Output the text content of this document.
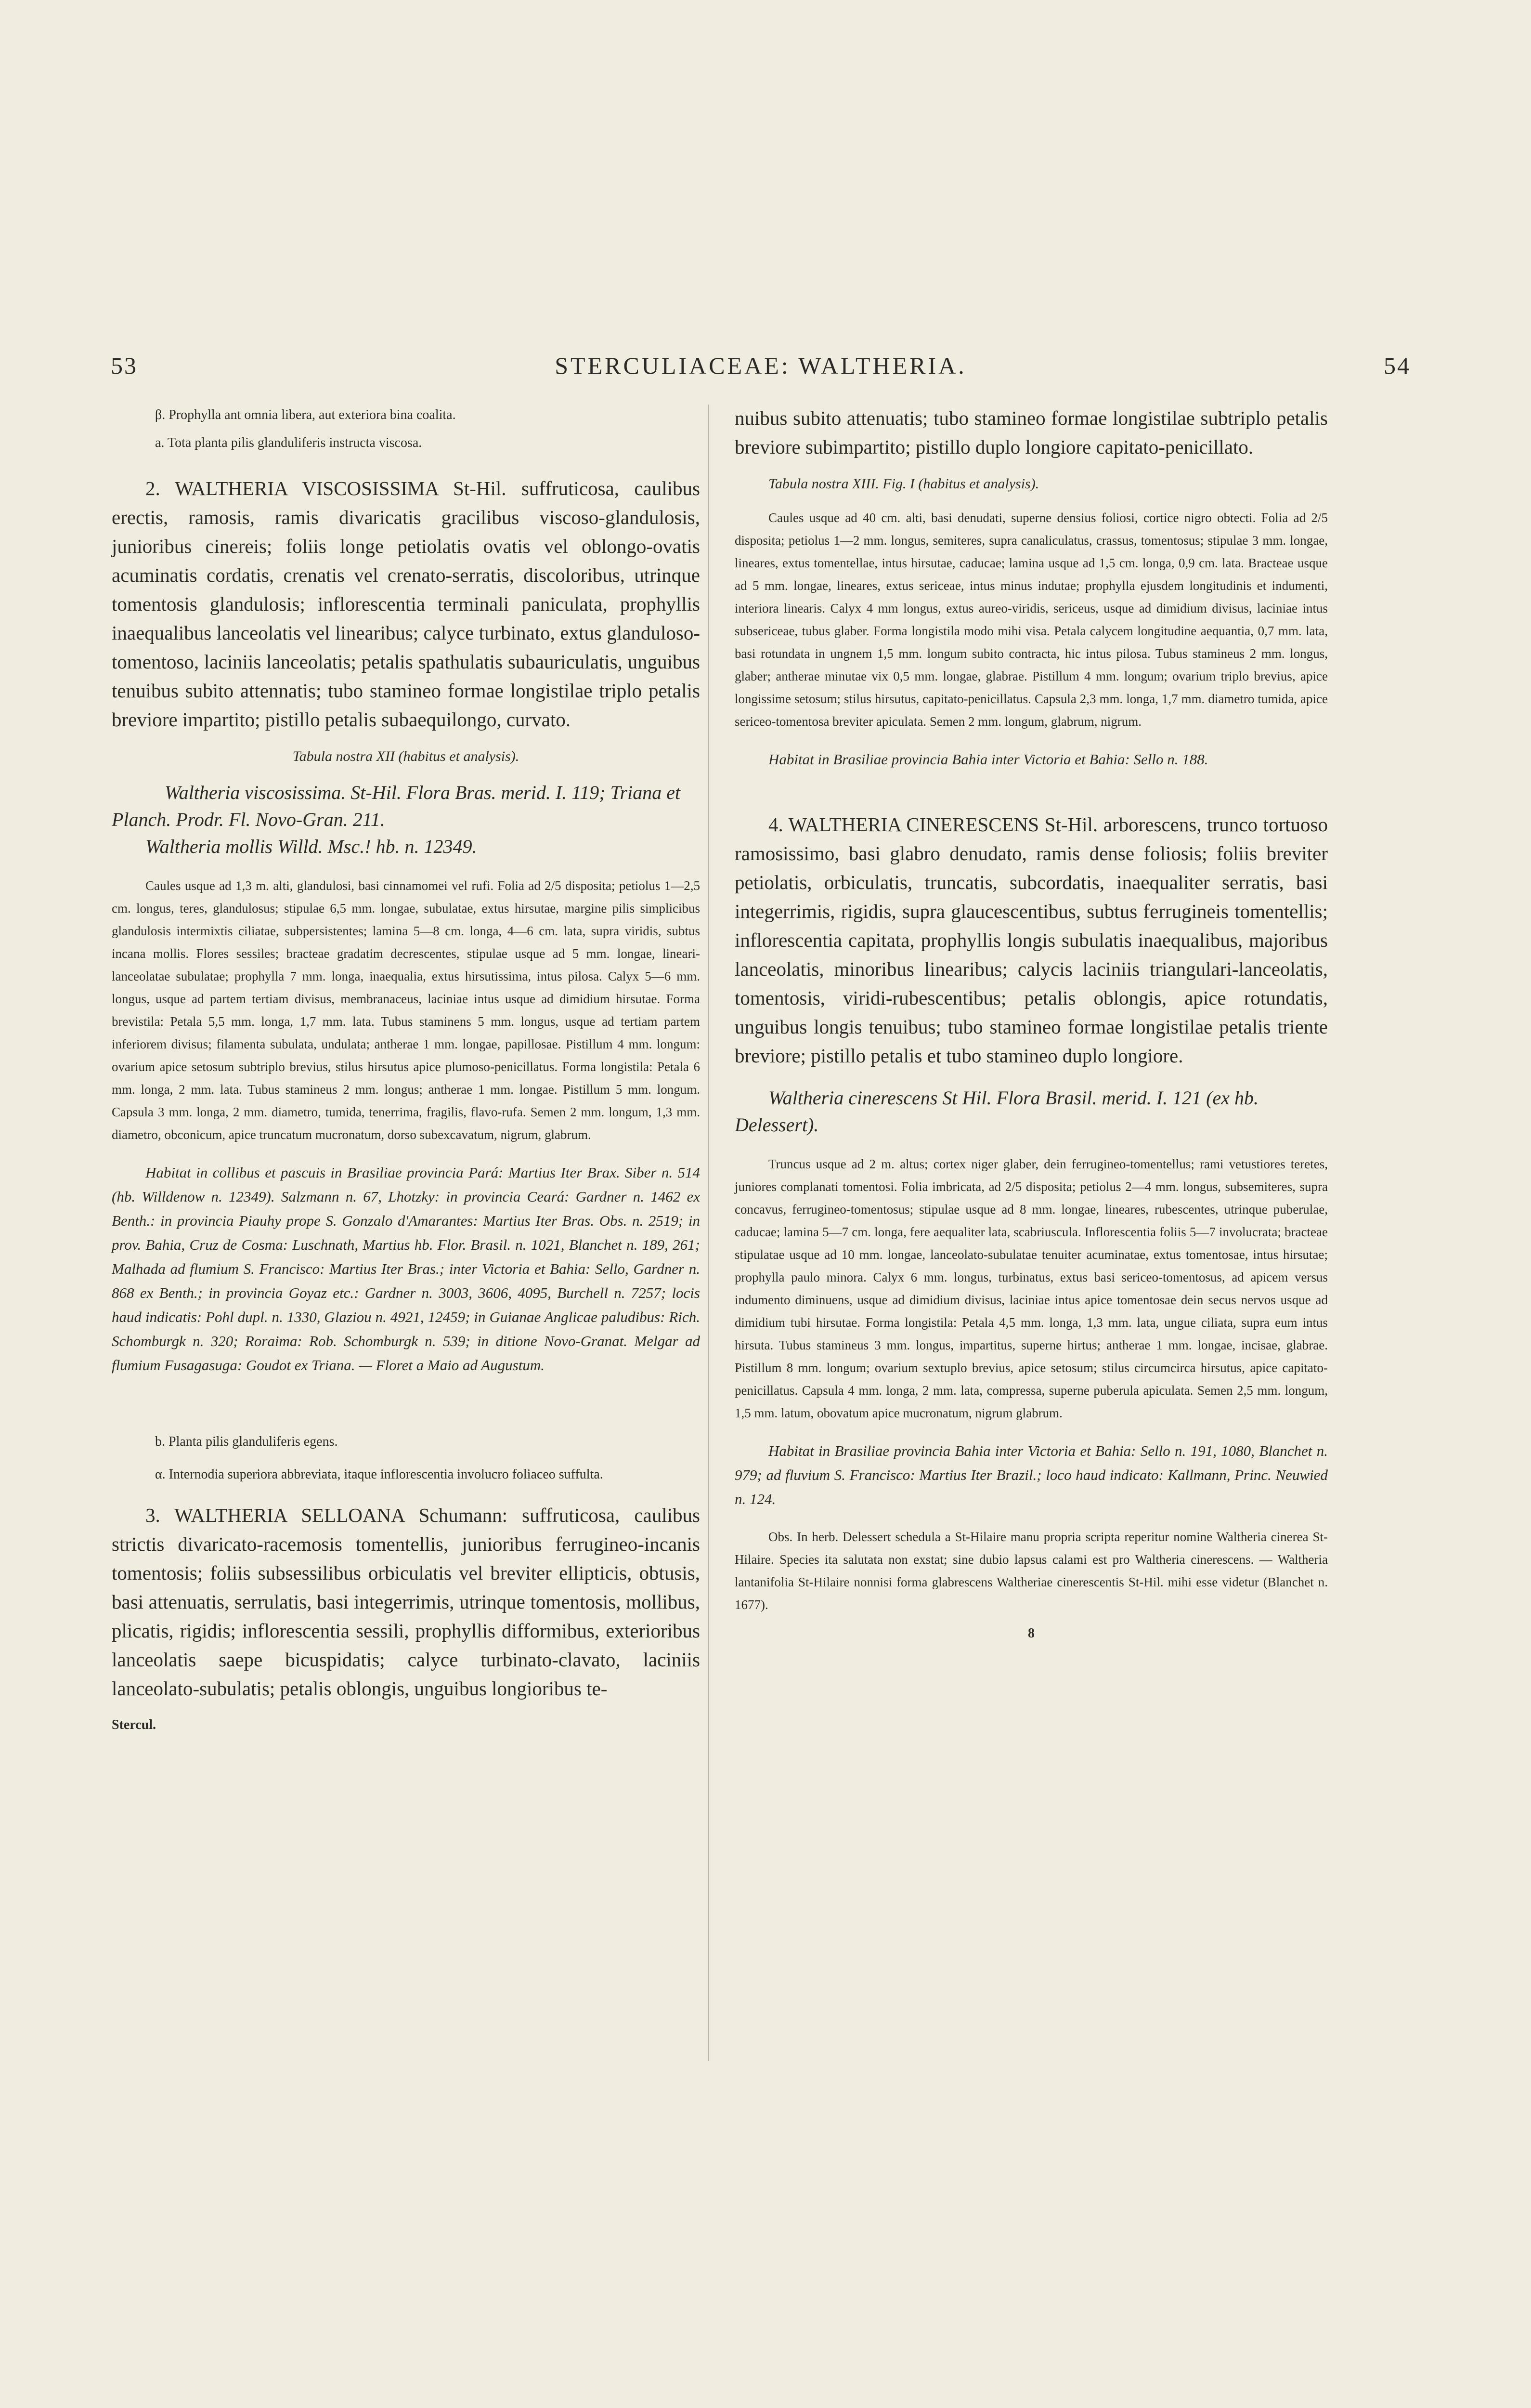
53	STERCULIACEAE: WALTHERIA.	54

β. Prophylla ant omnia libera, aut exteriora bina coalita.

a. Tota planta pilis glanduliferis instructa viscosa.

2. WALTHERIA VISCOSISSIMA St-Hil. suffruticosa, caulibus erectis, ramosis, ramis divaricatis gracilibus viscoso-glandulosis, junioribus cinereis; foliis longe petiolatis ovatis vel oblongo-ovatis acuminatis cordatis, crenatis vel crenato-serratis, discoloribus, utrinque tomentosis glandulosis; inflorescentia terminali paniculata, prophyllis inaequalibus lanceolatis vel linearibus; calyce turbinato, extus glanduloso-tomentoso, laciniis lanceolatis; petalis spathulatis subauriculatis, unguibus tenuibus subito attennatis; tubo stamineo formae longistilae triplo petalis breviore impartito; pistillo petalis subaequilongo, curvato.

Tabula nostra XII (habitus et analysis).

Waltheria viscosissima. St-Hil. Flora Bras. merid. I. 119; Triana et Planch. Prodr. Fl. Novo-Gran. 211.
Waltheria mollis Willd. Msc.! hb. n. 12349.

Caules usque ad 1,3 m. alti, glandulosi, basi cinnamomei vel rufi. Folia ad 2/5 disposita; petiolus 1—2,5 cm. longus, teres, glandulosus; stipulae 6,5 mm. longae, subulatae, extus hirsutae, margine pilis simplicibus glandulosis intermixtis ciliatae, subpersistentes; lamina 5—8 cm. longa, 4—6 cm. lata, supra viridis, subtus incana mollis. Flores sessiles; bracteae gradatim decrescentes, stipulae usque ad 5 mm. longae, lineari-lanceolatae subulatae; prophylla 7 mm. longa, inaequalia, extus hirsutissima, intus pilosa. Calyx 5—6 mm. longus, usque ad partem tertiam divisus, membranaceus, laciniae intus usque ad dimidium hirsutae. Forma brevistila: Petala 5,5 mm. longa, 1,7 mm. lata. Tubus staminens 5 mm. longus, usque ad tertiam partem inferiorem divisus; filamenta subulata, undulata; antherae 1 mm. longae, papillosae. Pistillum 4 mm. longum: ovarium apice setosum subtriplo brevius, stilus hirsutus apice plumoso-penicillatus. Forma longistila: Petala 6 mm. longa, 2 mm. lata. Tubus stamineus 2 mm. longus; antherae 1 mm. longae. Pistillum 5 mm. longum. Capsula 3 mm. longa, 2 mm. diametro, tumida, tenerrima, fragilis, flavo-rufa. Semen 2 mm. longum, 1,3 mm. diametro, obconicum, apice truncatum mucronatum, dorso subexcavatum, nigrum, glabrum.

Habitat in collibus et pascuis in Brasiliae provincia Pará: Martius Iter Brax. Siber n. 514 (hb. Willdenow n. 12349). Salzmann n. 67, Lhotzky: in provincia Ceará: Gardner n. 1462 ex Benth.: in provincia Piauhy prope S. Gonzalo d'Amarantes: Martius Iter Bras. Obs. n. 2519; in prov. Bahia, Cruz de Cosma: Luschnath, Martius hb. Flor. Brasil. n. 1021, Blanchet n. 189, 261; Malhada ad flumium S. Francisco: Martius Iter Bras.; inter Victoria et Bahia: Sello, Gardner n. 868 ex Benth.; in provincia Goyaz etc.: Gardner n. 3003, 3606, 4095, Burchell n. 7257; locis haud indicatis: Pohl dupl. n. 1330, Glaziou n. 4921, 12459; in Guianae Anglicae paludibus: Rich. Schomburgk n. 320; Roraima: Rob. Schomburgk n. 539; in ditione Novo-Granat. Melgar ad flumium Fusagasuga: Goudot ex Triana. — Floret a Maio ad Augustum.

b. Planta pilis glanduliferis egens.

α. Internodia superiora abbreviata, itaque inflorescentia involucro foliaceo suffulta.

3. WALTHERIA SELLOANA Schumann: suffruticosa, caulibus strictis divaricato-racemosis tomentellis, junioribus ferrugineo-incanis tomentosis; foliis subsessilibus orbiculatis vel breviter ellipticis, obtusis, basi attenuatis, serrulatis, basi integerrimis, utrinque tomentosis, mollibus, plicatis, rigidis; inflorescentia sessili, prophyllis difformibus, exterioribus lanceolatis saepe bicuspidatis; calyce turbinato-clavato, laciniis lanceolato-subulatis; petalis oblongis, unguibus longioribus te-

Stercul.

nuibus subito attenuatis; tubo stamineo formae longistilae subtriplo petalis breviore subimpartito; pistillo duplo longiore capitato-penicillato.

Tabula nostra XIII. Fig. I (habitus et analysis).

Caules usque ad 40 cm. alti, basi denudati, superne densius foliosi, cortice nigro obtecti. Folia ad 2/5 disposita; petiolus 1—2 mm. longus, semiteres, supra canaliculatus, crassus, tomentosus; stipulae 3 mm. longae, lineares, extus tomentellae, intus hirsutae, caducae; lamina usque ad 1,5 cm. longa, 0,9 cm. lata. Bracteae usque ad 5 mm. longae, lineares, extus sericeae, intus minus indutae; prophylla ejusdem longitudinis et indumenti, interiora linearis. Calyx 4 mm longus, extus aureo-viridis, sericeus, usque ad dimidium divisus, laciniae intus subsericeae, tubus glaber. Forma longistila modo mihi visa. Petala calycem longitudine aequantia, 0,7 mm. lata, basi rotundata in ungnem 1,5 mm. longum subito contracta, hic intus pilosa. Tubus stamineus 2 mm. longus, glaber; antherae minutae vix 0,5 mm. longae, glabrae. Pistillum 4 mm. longum; ovarium triplo brevius, apice longissime setosum; stilus hirsutus, capitato-penicillatus. Capsula 2,3 mm. longa, 1,7 mm. diametro tumida, apice sericeo-tomentosa breviter apiculata. Semen 2 mm. longum, glabrum, nigrum.

Habitat in Brasiliae provincia Bahia inter Victoria et Bahia: Sello n. 188.

4. WALTHERIA CINERESCENS St-Hil. arborescens, trunco tortuoso ramosissimo, basi glabro denudato, ramis dense foliosis; foliis breviter petiolatis, orbiculatis, truncatis, subcordatis, inaequaliter serratis, basi integerrimis, rigidis, supra glaucescentibus, subtus ferrugineis tomentellis; inflorescentia capitata, prophyllis longis subulatis inaequalibus, majoribus lanceolatis, minoribus linearibus; calycis laciniis triangulari-lanceolatis, tomentosis, viridi-rubescentibus; petalis oblongis, apice rotundatis, unguibus longis tenuibus; tubo stamineo formae longistilae petalis triente breviore; pistillo petalis et tubo stamineo duplo longiore.

Waltheria cinerescens St Hil. Flora Brasil. merid. I. 121 (ex hb. Delessert).

Truncus usque ad 2 m. altus; cortex niger glaber, dein ferrugineo-tomentellus; rami vetustiores teretes, juniores complanati tomentosi. Folia imbricata, ad 2/5 disposita; petiolus 2—4 mm. longus, subsemiteres, supra concavus, ferrugineo-tomentosus; stipulae usque ad 8 mm. longae, lineares, rubescentes, utrinque puberulae, caducae; lamina 5—7 cm. longa, fere aequaliter lata, scabriuscula. Inflorescentia foliis 5—7 involucrata; bracteae stipulatae usque ad 10 mm. longae, lanceolato-subulatae tenuiter acuminatae, extus tomentosae, intus hirsutae; prophylla paulo minora. Calyx 6 mm. longus, turbinatus, extus basi sericeo-tomentosus, ad apicem versus indumento diminuens, usque ad dimidium divisus, laciniae intus apice tomentosae dein secus nervos usque ad dimidium tubi hirsutae. Forma longistila: Petala 4,5 mm. longa, 1,3 mm. lata, ungue ciliata, supra eum intus hirsuta. Tubus stamineus 3 mm. longus, impartitus, superne hirtus; antherae 1 mm. longae, incisae, glabrae. Pistillum 8 mm. longum; ovarium sextuplo brevius, apice setosum; stilus circumcirca hirsutus, apice capitato-penicillatus. Capsula 4 mm. longa, 2 mm. lata, compressa, superne puberula apiculata. Semen 2,5 mm. longum, 1,5 mm. latum, obovatum apice mucronatum, nigrum glabrum.

Habitat in Brasiliae provincia Bahia inter Victoria et Bahia: Sello n. 191, 1080, Blanchet n. 979; ad fluvium S. Francisco: Martius Iter Brazil.; loco haud indicato: Kallmann, Princ. Neuwied n. 124.

Obs. In herb. Delessert schedula a St-Hilaire manu propria scripta reperitur nomine Waltheria cinerea St-Hilaire. Species ita salutata non exstat; sine dubio lapsus calami est pro Waltheria cinerescens. — Waltheria lantanifolia St-Hilaire nonnisi forma glabrescens Waltheriae cinerescentis St-Hil. mihi esse videtur (Blanchet n. 1677).

8
